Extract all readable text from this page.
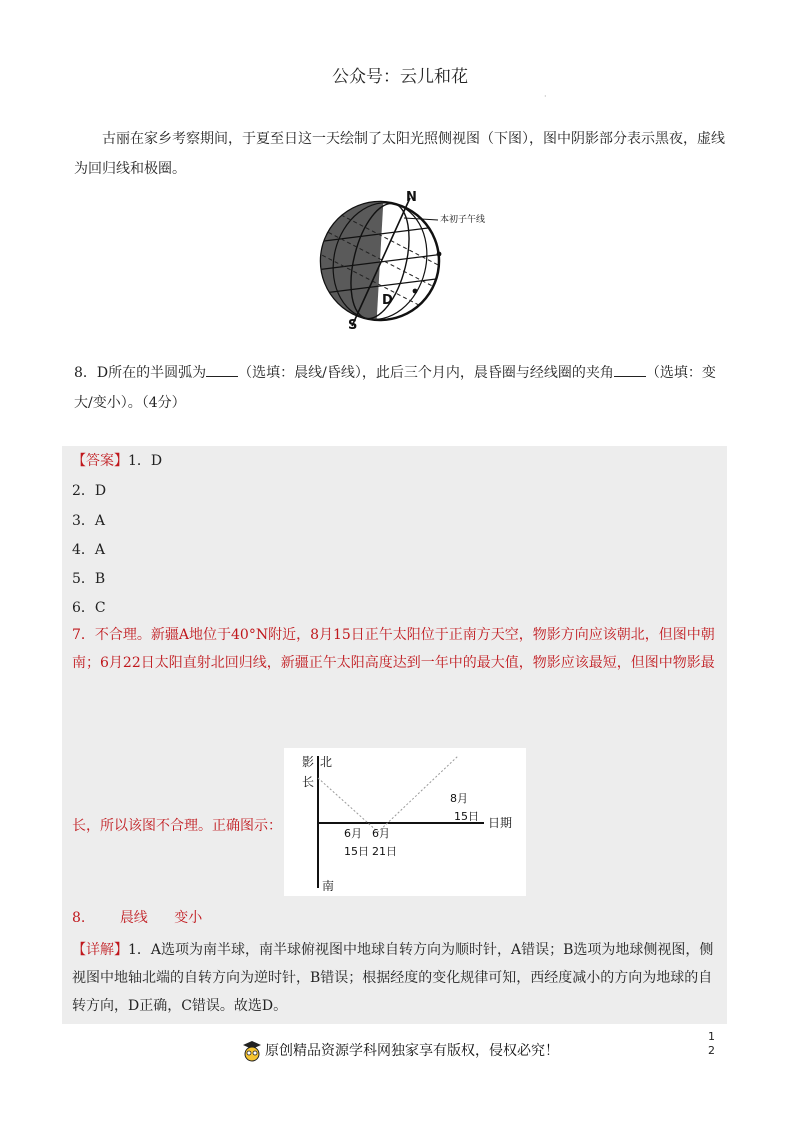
公众号：云儿和花
·
古丽在家乡考察期间，于夏至日这一天绘制了太阳光照侧视图（下图），图中阴影部分表示黑夜，虚线为回归线和极圈。
N
S
D
本初子午线
8．D所在的半圆弧为 （选填：晨线/昏线），此后三个月内，晨昏圈与经线圈的夹角 （选填：变大/变小）。（4分）
【答案】1．D
2．D
3．A
4．A
5．B
6．C
7．不合理。新疆A地位于40°N附近，8月15日正午太阳位于正南方天空，物影方向应该朝北，但图中朝南；6月22日太阳直射北回归线，新疆正午太阳高度达到一年中的最大值，物影应该最短，但图中物影最
长，所以该图不合理。正确图示：
影
长
北
南
日期
6月
15日
6月
21日
8月
15日
8. 晨线 变小
【详解】1．A选项为南半球，南半球俯视图中地球自转方向为顺时针，A错误；B选项为地球侧视图，侧视图中地轴北端的自转方向为逆时针，B错误；根据经度的变化规律可知，西经度减小的方向为地球的自转方向，D正确，C错误。故选D。
原创精品资源学科网独家享有版权，侵权必究！
1
2
